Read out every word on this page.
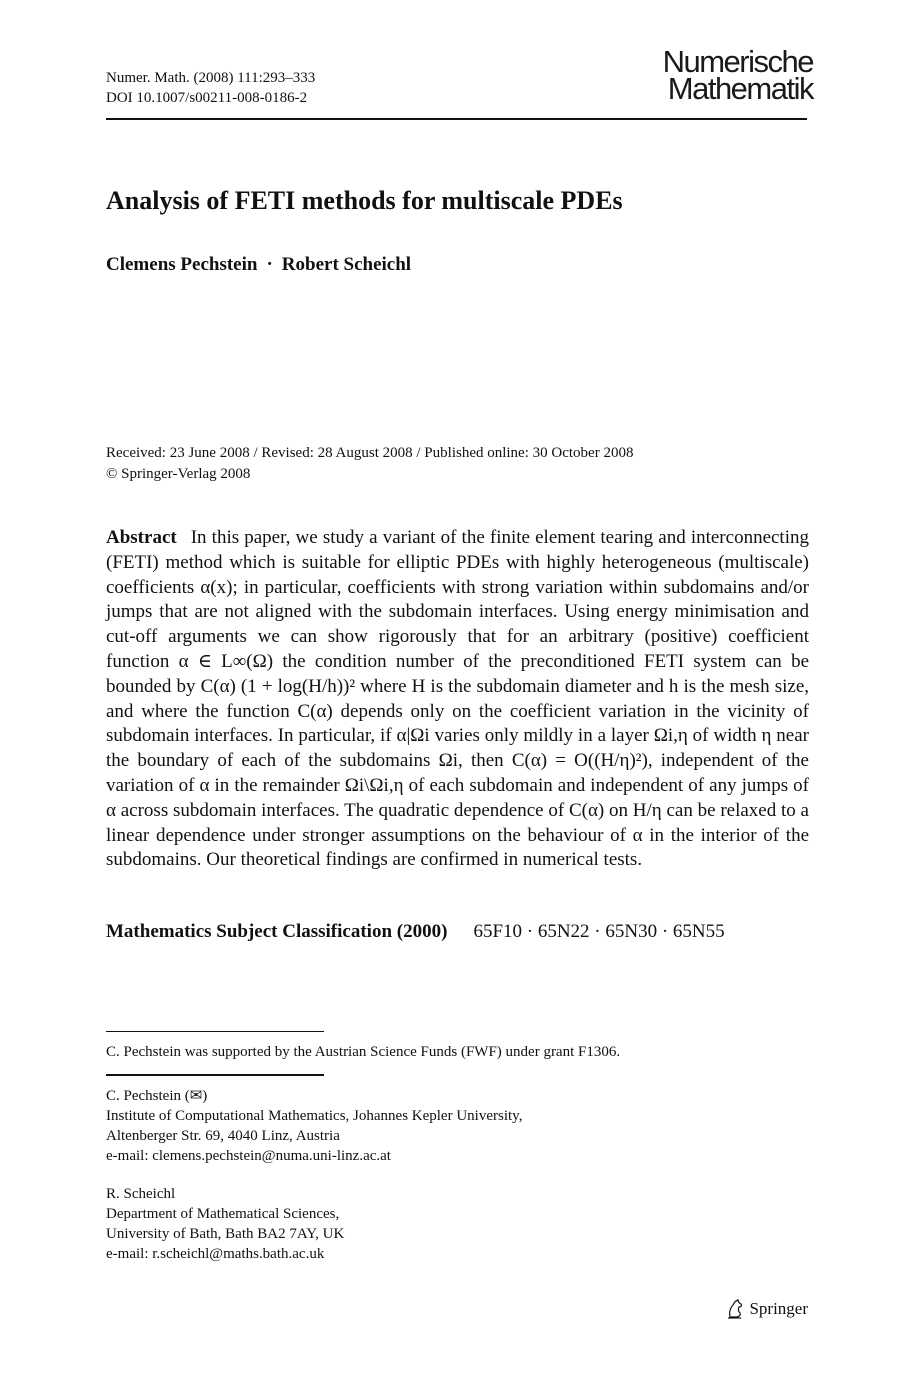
Numer. Math. (2008) 111:293–333
DOI 10.1007/s00211-008-0186-2
Numerische
Mathematik
Analysis of FETI methods for multiscale PDEs
Clemens Pechstein · Robert Scheichl
Received: 23 June 2008 / Revised: 28 August 2008 / Published online: 30 October 2008
© Springer-Verlag 2008
Abstract In this paper, we study a variant of the finite element tearing and interconnecting (FETI) method which is suitable for elliptic PDEs with highly heterogeneous (multiscale) coefficients α(x); in particular, coefficients with strong variation within subdomains and/or jumps that are not aligned with the subdomain interfaces. Using energy minimisation and cut-off arguments we can show rigorously that for an arbitrary (positive) coefficient function α ∈ L∞(Ω) the condition number of the preconditioned FETI system can be bounded by C(α) (1 + log(H/h))² where H is the subdomain diameter and h is the mesh size, and where the function C(α) depends only on the coefficient variation in the vicinity of subdomain interfaces. In particular, if α|Ωi varies only mildly in a layer Ωi,η of width η near the boundary of each of the subdomains Ωi, then C(α) = O((H/η)²), independent of the variation of α in the remainder Ωi\Ωi,η of each subdomain and independent of any jumps of α across subdomain interfaces. The quadratic dependence of C(α) on H/η can be relaxed to a linear dependence under stronger assumptions on the behaviour of α in the interior of the subdomains. Our theoretical findings are confirmed in numerical tests.
Mathematics Subject Classification (2000) 65F10 · 65N22 · 65N30 · 65N55
C. Pechstein was supported by the Austrian Science Funds (FWF) under grant F1306.
C. Pechstein (✉)
Institute of Computational Mathematics, Johannes Kepler University,
Altenberger Str. 69, 4040 Linz, Austria
e-mail: clemens.pechstein@numa.uni-linz.ac.at
R. Scheichl
Department of Mathematical Sciences,
University of Bath, Bath BA2 7AY, UK
e-mail: r.scheichl@maths.bath.ac.uk
Springer
